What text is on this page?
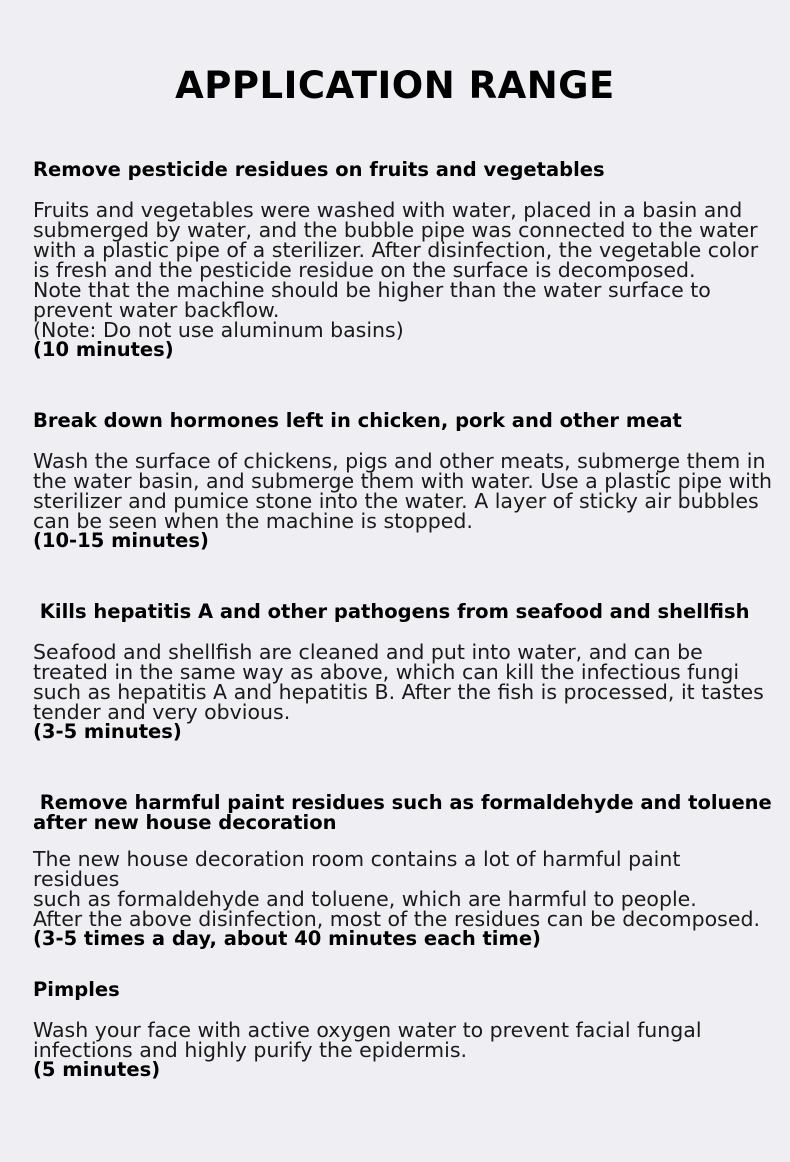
APPLICATION RANGE
Remove pesticide residues on fruits and vegetables
Fruits and vegetables were washed with water, placed in a basin and
submerged by water, and the bubble pipe was connected to the water
with a plastic pipe of a sterilizer. After disinfection, the vegetable color
is fresh and the pesticide residue on the surface is decomposed.
Note that the machine should be higher than the water surface to
prevent water backflow.
(Note: Do not use aluminum basins)
(10 minutes)
Break down hormones left in chicken, pork and other meat
Wash the surface of chickens, pigs and other meats, submerge them in
the water basin, and submerge them with water. Use a plastic pipe with
sterilizer and pumice stone into the water. A layer of sticky air bubbles
can be seen when the machine is stopped.
(10-15 minutes)
Kills hepatitis A and other pathogens from seafood and shellfish
Seafood and shellfish are cleaned and put into water, and can be
treated in the same way as above, which can kill the infectious fungi
such as hepatitis A and hepatitis B. After the fish is processed, it tastes
tender and very obvious.
(3-5 minutes)
Remove harmful paint residues such as formaldehyde and toluene
after new house decoration
The new house decoration room contains a lot of harmful paint residues
such as formaldehyde and toluene, which are harmful to people.
After the above disinfection, most of the residues can be decomposed.
(3-5 times a day, about 40 minutes each time)
Pimples
Wash your face with active oxygen water to prevent facial fungal
infections and highly purify the epidermis.
(5 minutes)
